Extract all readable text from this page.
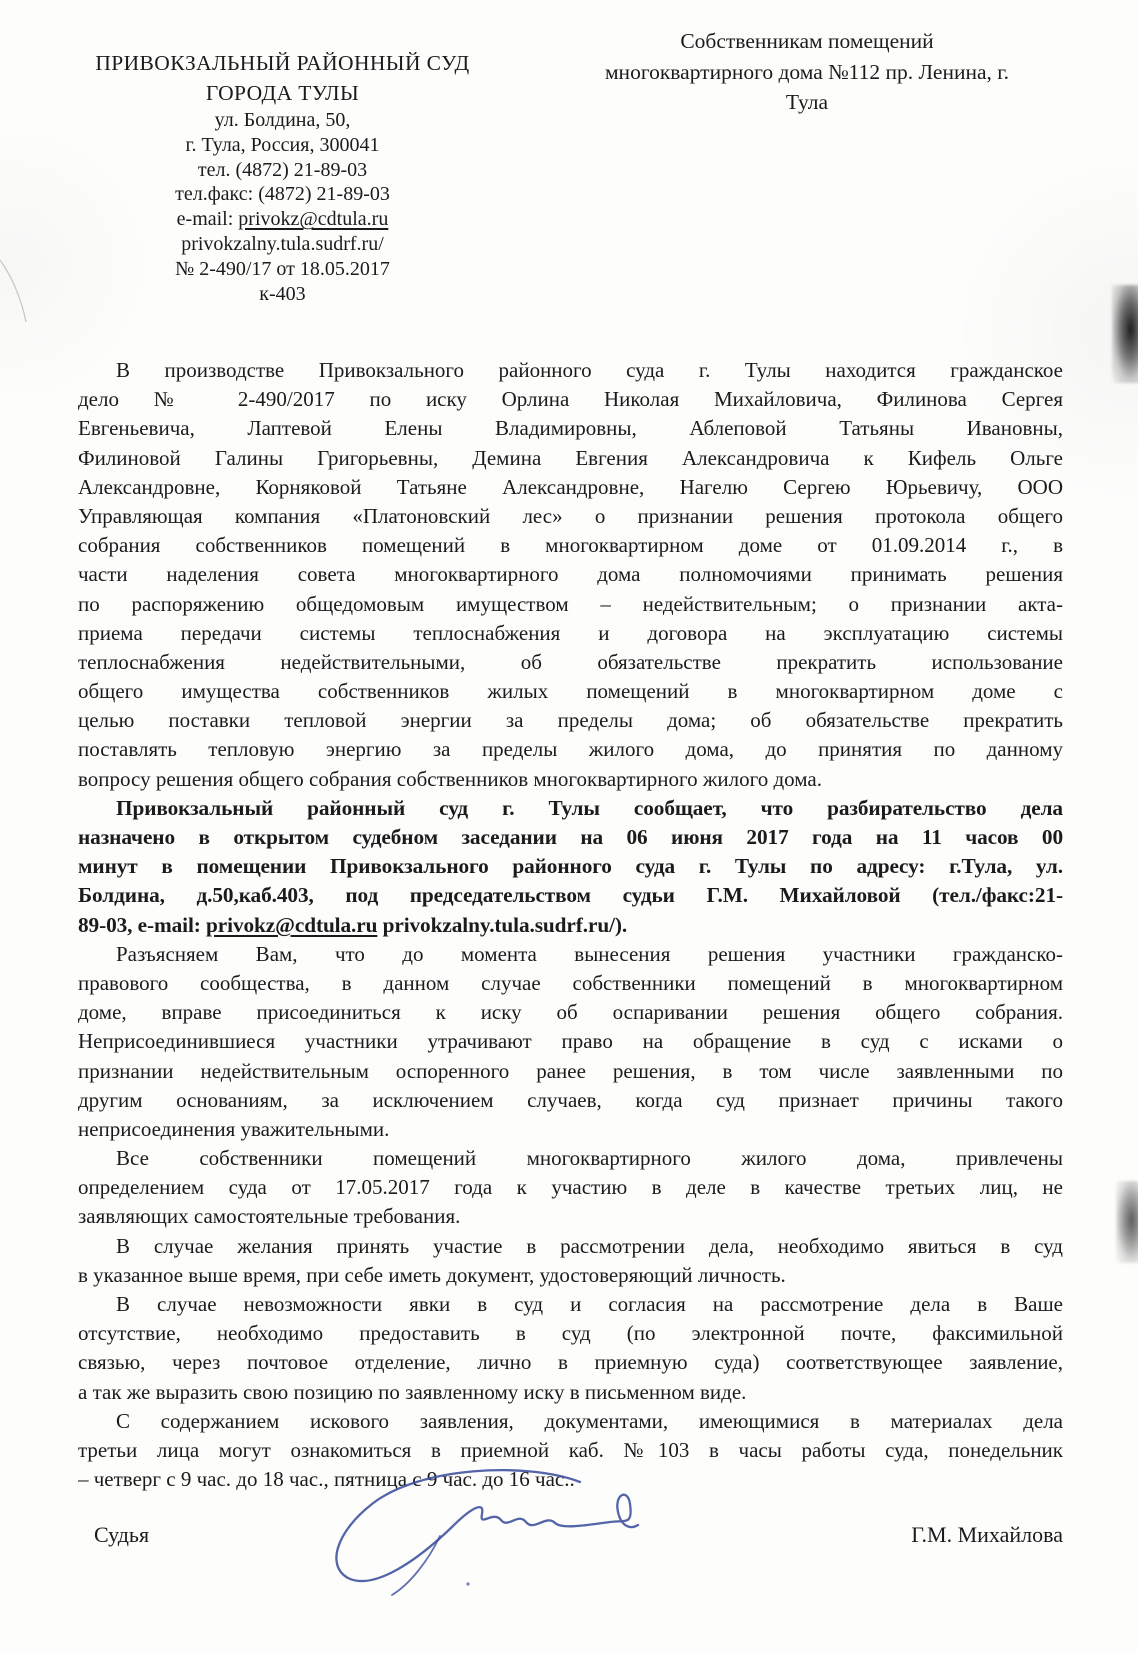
ПРИВОКЗАЛЬНЫЙ РАЙОННЫЙ СУД
ГОРОДА ТУЛЫ
ул. Болдина, 50,
г. Тула, Россия, 300041
тел. (4872) 21-89-03
тел.факс: (4872) 21-89-03
e-mail: privokz@cdtula.ru
privokzalny.tula.sudrf.ru/
№ 2-490/17 от 18.05.2017
к-403
Собственникам помещений
многоквартирного дома №112 пр. Ленина, г.
Тула
В производстве Привокзального районного суда г. Тулы находится гражданское
дело № 2-490/2017 по иску Орлина Николая Михайловича, Филинова Сергея
Евгеньевича, Лаптевой Елены Владимировны, Аблеповой Татьяны Ивановны,
Филиновой Галины Григорьевны, Демина Евгения Александровича к Кифель Ольге
Александровне, Корняковой Татьяне Александровне, Нагелю Сергею Юрьевичу, ООО
Управляющая компания «Платоновский лес» о признании решения протокола общего
собрания собственников помещений в многоквартирном доме от 01.09.2014 г., в
части наделения совета многоквартирного дома полномочиями принимать решения
по распоряжению общедомовым имуществом – недействительным; о признании акта-
приема передачи системы теплоснабжения и договора на эксплуатацию системы
теплоснабжения недействительными, об обязательстве прекратить использование
общего имущества собственников жилых помещений в многоквартирном доме с
целью поставки тепловой энергии за пределы дома; об обязательстве прекратить
поставлять тепловую энергию за пределы жилого дома, до принятия по данному
вопросу решения общего собрания собственников многоквартирного жилого дома.
Привокзальный районный суд г. Тулы сообщает, что разбирательство дела
назначено в открытом судебном заседании на 06 июня 2017 года на 11 часов 00
минут в помещении Привокзального районного суда г. Тулы по адресу: г.Тула, ул.
Болдина, д.50,каб.403, под председательством судьи Г.М. Михайловой (тел./факс:21-
89-03, e-mail: privokz@cdtula.ru privokzalny.tula.sudrf.ru/).
Разъясняем Вам, что до момента вынесения решения участники гражданско-
правового сообщества, в данном случае собственники помещений в многоквартирном
доме, вправе присоединиться к иску об оспаривании решения общего собрания.
Неприсоединившиеся участники утрачивают право на обращение в суд с исками о
признании недействительным оспоренного ранее решения, в том числе заявленными по
другим основаниям, за исключением случаев, когда суд признает причины такого
неприсоединения уважительными.
Все собственники помещений многоквартирного жилого дома, привлечены
определением суда от 17.05.2017 года к участию в деле в качестве третьих лиц, не
заявляющих самостоятельные требования.
В случае желания принять участие в рассмотрении дела, необходимо явиться в суд
в указанное выше время, при себе иметь документ, удостоверяющий личность.
В случае невозможности явки в суд и согласия на рассмотрение дела в Ваше
отсутствие, необходимо предоставить в суд (по электронной почте, факсимильной
связью, через почтовое отделение, лично в приемную суда) соответствующее заявление,
а так же выразить свою позицию по заявленному иску в письменном виде.
С содержанием искового заявления, документами, имеющимися в материалах дела
третьи лица могут ознакомиться в приемной каб. №103 в часы работы суда, понедельник
– четверг с 9 час. до 18 час., пятница с 9 час. до 16 час..
Судья	Г.М. Михайлова
